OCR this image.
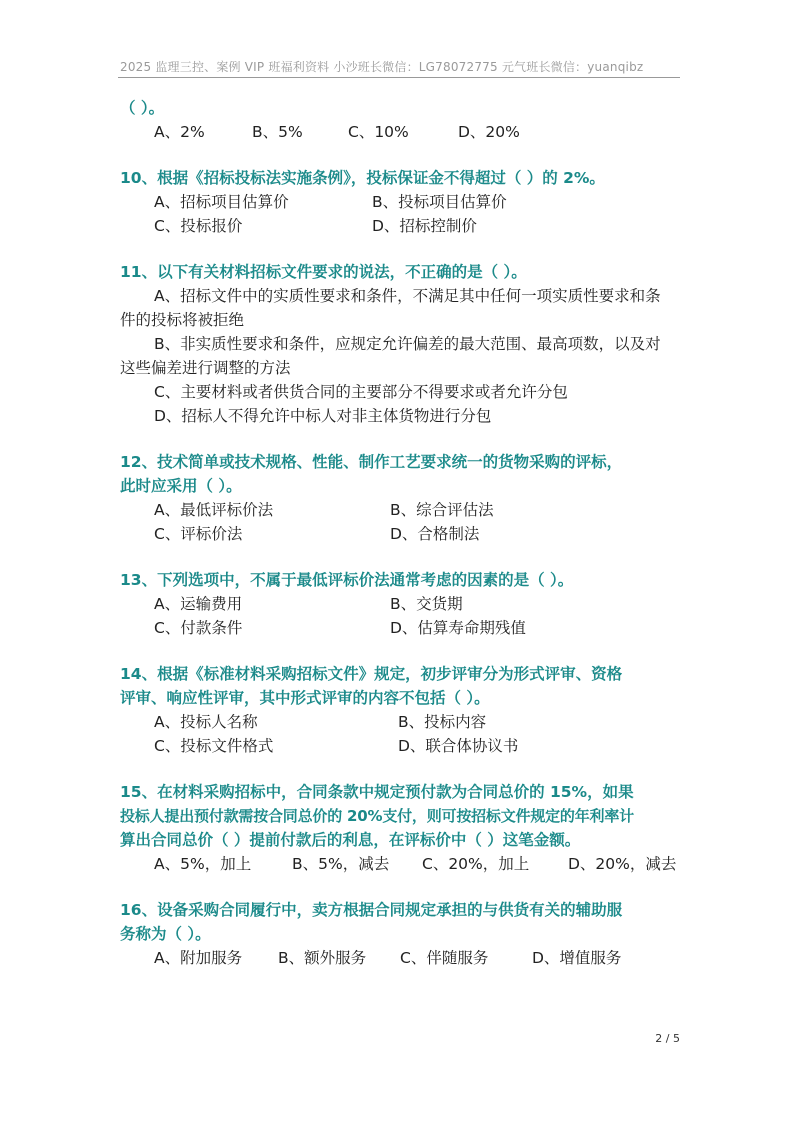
2025 监理三控、案例 VIP 班福利资料 小沙班长微信：LG78072775 元气班长微信：yuanqibz
（ ）。
A、2%	B、5%	C、10%	D、20%
10、根据《招标投标法实施条例》，投标保证金不得超过（ ）的 2%。
A、招标项目估算价	B、投标项目估算价
C、投标报价	D、招标控制价
11、以下有关材料招标文件要求的说法，不正确的是（ ）。
A、招标文件中的实质性要求和条件，不满足其中任何一项实质性要求和条
件的投标将被拒绝
B、非实质性要求和条件，应规定允许偏差的最大范围、最高项数，以及对
这些偏差进行调整的方法
C、主要材料或者供货合同的主要部分不得要求或者允许分包
D、招标人不得允许中标人对非主体货物进行分包
12、技术简单或技术规格、性能、制作工艺要求统一的货物采购的评标，
此时应采用（ ）。
A、最低评标价法	B、综合评估法
C、评标价法	D、合格制法
13、下列选项中，不属于最低评标价法通常考虑的因素的是（ ）。
A、运输费用	B、交货期
C、付款条件	D、估算寿命期残值
14、根据《标准材料采购招标文件》规定，初步评审分为形式评审、资格
评审、响应性评审，其中形式评审的内容不包括（ ）。
A、投标人名称	B、投标内容
C、投标文件格式	D、联合体协议书
15、在材料采购招标中，合同条款中规定预付款为合同总价的 15%，如果
投标人提出预付款需按合同总价的 20%支付，则可按招标文件规定的年利率计
算出合同总价（ ）提前付款后的利息，在评标价中（ ）这笔金额。
A、5%，加上	B、5%，减去	C、20%，加上	D、20%，减去
16、设备采购合同履行中，卖方根据合同规定承担的与供货有关的辅助服
务称为（ ）。
A、附加服务	B、额外服务	C、伴随服务	D、增值服务
2 / 5
